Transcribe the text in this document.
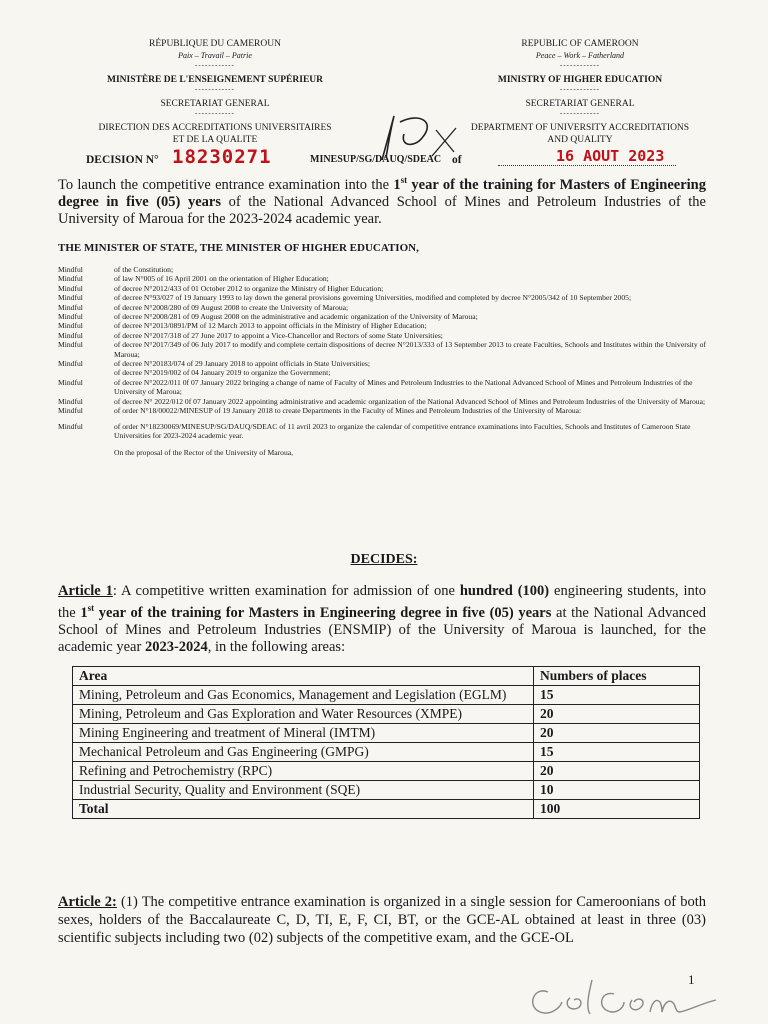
RÉPUBLIQUE DU CAMEROUN
Paix – Travail – Patrie
------------
MINISTÈRE DE L'ENSEIGNEMENT SUPÉRIEUR
------------
SECRETARIAT GENERAL
------------
DIRECTION DES ACCREDITATIONS UNIVERSITAIRES
ET DE LA QUALITE
REPUBLIC OF CAMEROON
Peace – Work – Fatherland
------------
MINISTRY OF HIGHER EDUCATION
------------
SECRETARIAT GENERAL
------------
DEPARTMENT OF UNIVERSITY ACCREDITATIONS
AND QUALITY
DECISION N° 18230271	MINESUP/SG/DAUQ/SDEAC of	16 AOUT 2023
To launch the competitive entrance examination into the 1st year of the training for Masters of Engineering degree in five (05) years of the National Advanced School of Mines and Petroleum Industries of the University of Maroua for the 2023-2024 academic year.
THE MINISTER OF STATE, THE MINISTER OF HIGHER EDUCATION,
Mindful	of the Constitution;
Mindful	of law N°005 of 16 April 2001 on the orientation of Higher Education;
Mindful	of decree N°2012/433 of 01 October 2012 to organize the Ministry of Higher Education;
Mindful	of decree N°93/027 of 19 January 1993 to lay down the general provisions governing Universities, modified and completed by decree N°2005/342 of 10 September 2005;
Mindful	of decree N°2008/280 of 09 August 2008 to create the University of Maroua;
Mindful	of decree N°2008/281 of 09 August 2008 on the administrative and academic organization of the University of Maroua;
Mindful	of decree N°2013/0891/PM of 12 March 2013 to appoint officials in the Ministry of Higher Education;
Mindful	of decree N°2017/318 of 27 June 2017 to appoint a Vice-Chancellor and Rectors of some State Universities;
Mindful	of decree N°2017/349 of 06 July 2017 to modify and complete certain dispositions of decree N°2013/333 of 13 September 2013 to create Faculties, Schools and Institutes within the University of Maroua;
Mindful	of decree N°20183/074 of 29 January 2018 to appoint officials in State Universities;
of decree N°2019/002 of 04 January 2019 to organize the Government;
Mindful	of decree N°2022/011 0f 07 January 2022 bringing a change of name of Faculty of Mines and Petroleum Industries to the National Advanced School of Mines and Petroleum Industries of the University of Maroua;
Mindful	of decree N° 2022/012 0f 07 January 2022 appointing administrative and academic organization of the National Advanced School of Mines and Petroleum Industries of the University of Maroua;
Mindful	of order N°18/00022/MINESUP of 19 January 2018 to create Departments in the Faculty of Mines and Petroleum Industries of the University of Maroua:
Mindful	of order N°18230069/MINESUP/SG/DAUQ/SDEAC of 11 avril 2023 to organize the calendar of competitive entrance examinations into Faculties, Schools and Institutes of Cameroon State Universities for 2023-2024 academic year.
On the proposal of the Rector of the University of Maroua,
DECIDES:
Article 1: A competitive written examination for admission of one hundred (100) engineering students, into the 1st year of the training for Masters in Engineering degree in five (05) years at the National Advanced School of Mines and Petroleum Industries (ENSMIP) of the University of Maroua is launched, for the academic year 2023-2024, in the following areas:
Area	Numbers of places
Mining, Petroleum and Gas Economics, Management and Legislation (EGLM)	15
Mining, Petroleum and Gas Exploration and Water Resources (XMPE)	20
Mining Engineering and treatment of Mineral (IMTM)	20
Mechanical Petroleum and Gas Engineering (GMPG)	15
Refining and Petrochemistry (RPC)	20
Industrial Security, Quality and Environment (SQE)	10
Total	100
Article 2: (1) The competitive entrance examination is organized in a single session for Cameroonians of both sexes, holders of the Baccalaureate C, D, TI, E, F, CI, BT, or the GCE-AL obtained at least in three (03) scientific subjects including two (02) subjects of the competitive exam, and the GCE-OL
1
